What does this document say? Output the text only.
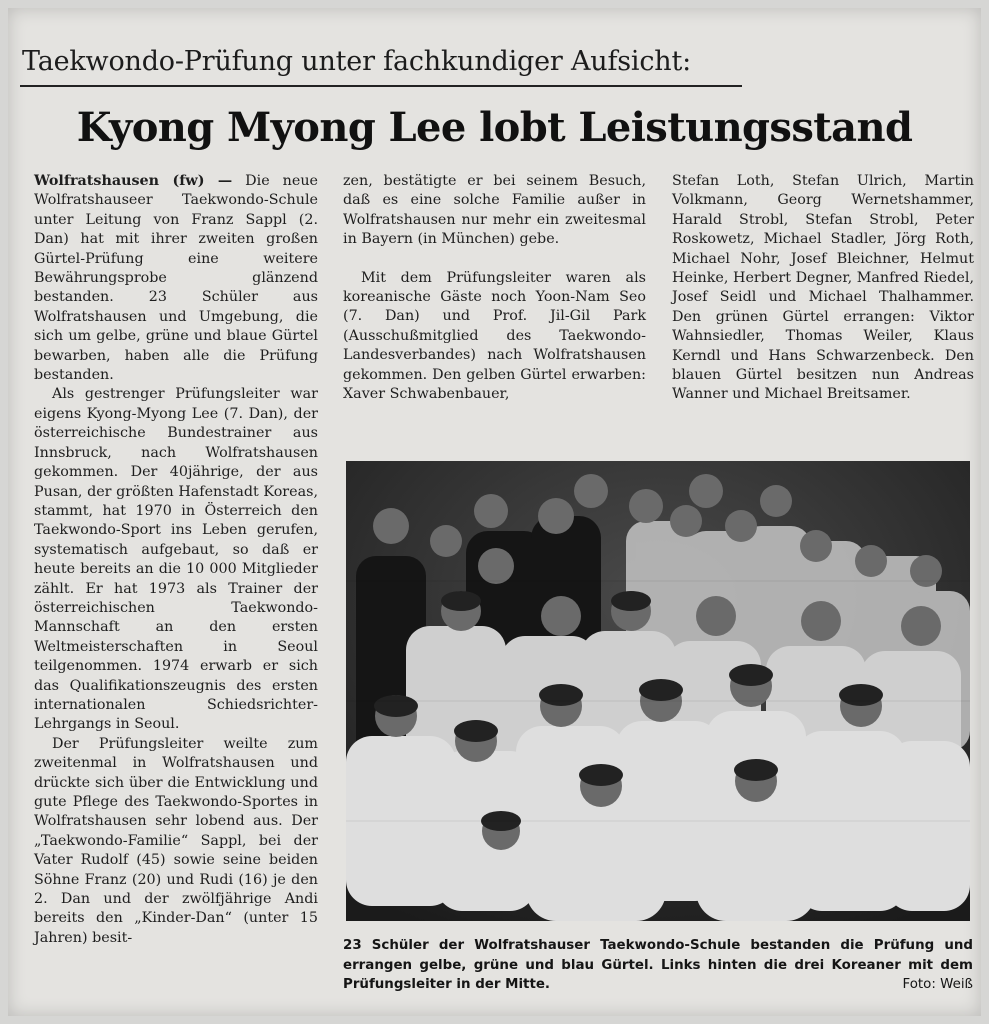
Taekwondo-Prüfung unter fachkundiger Aufsicht:
Kyong Myong Lee lobt Leistungsstand

Wolfratshausen (fw) — Die neue Wolfratshauseer Taekwondo-Schule unter Leitung von Franz Sappl (2. Dan) hat mit ihrer zweiten großen Gürtel-Prüfung eine weitere Bewährungsprobe glänzend bestanden. 23 Schüler aus Wolfratshausen und Umgebung, die sich um gelbe, grüne und blaue Gürtel bewarben, haben alle die Prüfung bestanden.

Als gestrenger Prüfungsleiter war eigens Kyong-Myong Lee (7. Dan), der österreichische Bundestrainer aus Innsbruck, nach Wolfratshausen gekommen. Der 40jährige, der aus Pusan, der größten Hafenstadt Koreas, stammt, hat 1970 in Österreich den Taekwondo-Sport ins Leben gerufen, systematisch aufgebaut, so daß er heute bereits an die 10 000 Mitglieder zählt. Er hat 1973 als Trainer der österreichischen Taekwondo-Mannschaft an den ersten Weltmeisterschaften in Seoul teilgenommen. 1974 erwarb er sich das Qualifikationszeugnis des ersten internationalen Schiedsrichter-Lehrgangs in Seoul.

Der Prüfungsleiter weilte zum zweitenmal in Wolfratshausen und drückte sich über die Entwicklung und gute Pflege des Taekwondo-Sportes in Wolfratshausen sehr lobend aus. Der „Taekwondo-Familie“ Sappl, bei der Vater Rudolf (45) sowie seine beiden Söhne Franz (20) und Rudi (16) je den 2. Dan und der zwölfjährige Andi bereits den „Kinder-Dan“ (unter 15 Jahren) besit-

zen, bestätigte er bei seinem Besuch, daß es eine solche Familie außer in Wolfratshausen nur mehr ein zweitesmal in Bayern (in München) gebe.

Mit dem Prüfungsleiter waren als koreanische Gäste noch Yoon-Nam Seo (7. Dan) und Prof. Jil-Gil Park (Ausschußmitglied des Taekwondo-Landesverbandes) nach Wolfratshausen gekommen. Den gelben Gürtel erwarben: Xaver Schwabenbauer,

Stefan Loth, Stefan Ulrich, Martin Volkmann, Georg Wernetshammer, Harald Strobl, Stefan Strobl, Peter Roskowetz, Michael Stadler, Jörg Roth, Michael Nohr, Josef Bleichner, Helmut Heinke, Herbert Degner, Manfred Riedel, Josef Seidl und Michael Thalhammer. Den grünen Gürtel errangen: Viktor Wahnsiedler, Thomas Weiler, Klaus Kerndl und Hans Schwarzenbeck. Den blauen Gürtel besitzen nun Andreas Wanner und Michael Breitsamer.

23 Schüler der Wolfratshauser Taekwondo-Schule bestanden die Prüfung und errangen gelbe, grüne und blau Gürtel. Links hinten die drei Koreaner mit dem Prüfungsleiter in der Mitte.	Foto: Weiß
